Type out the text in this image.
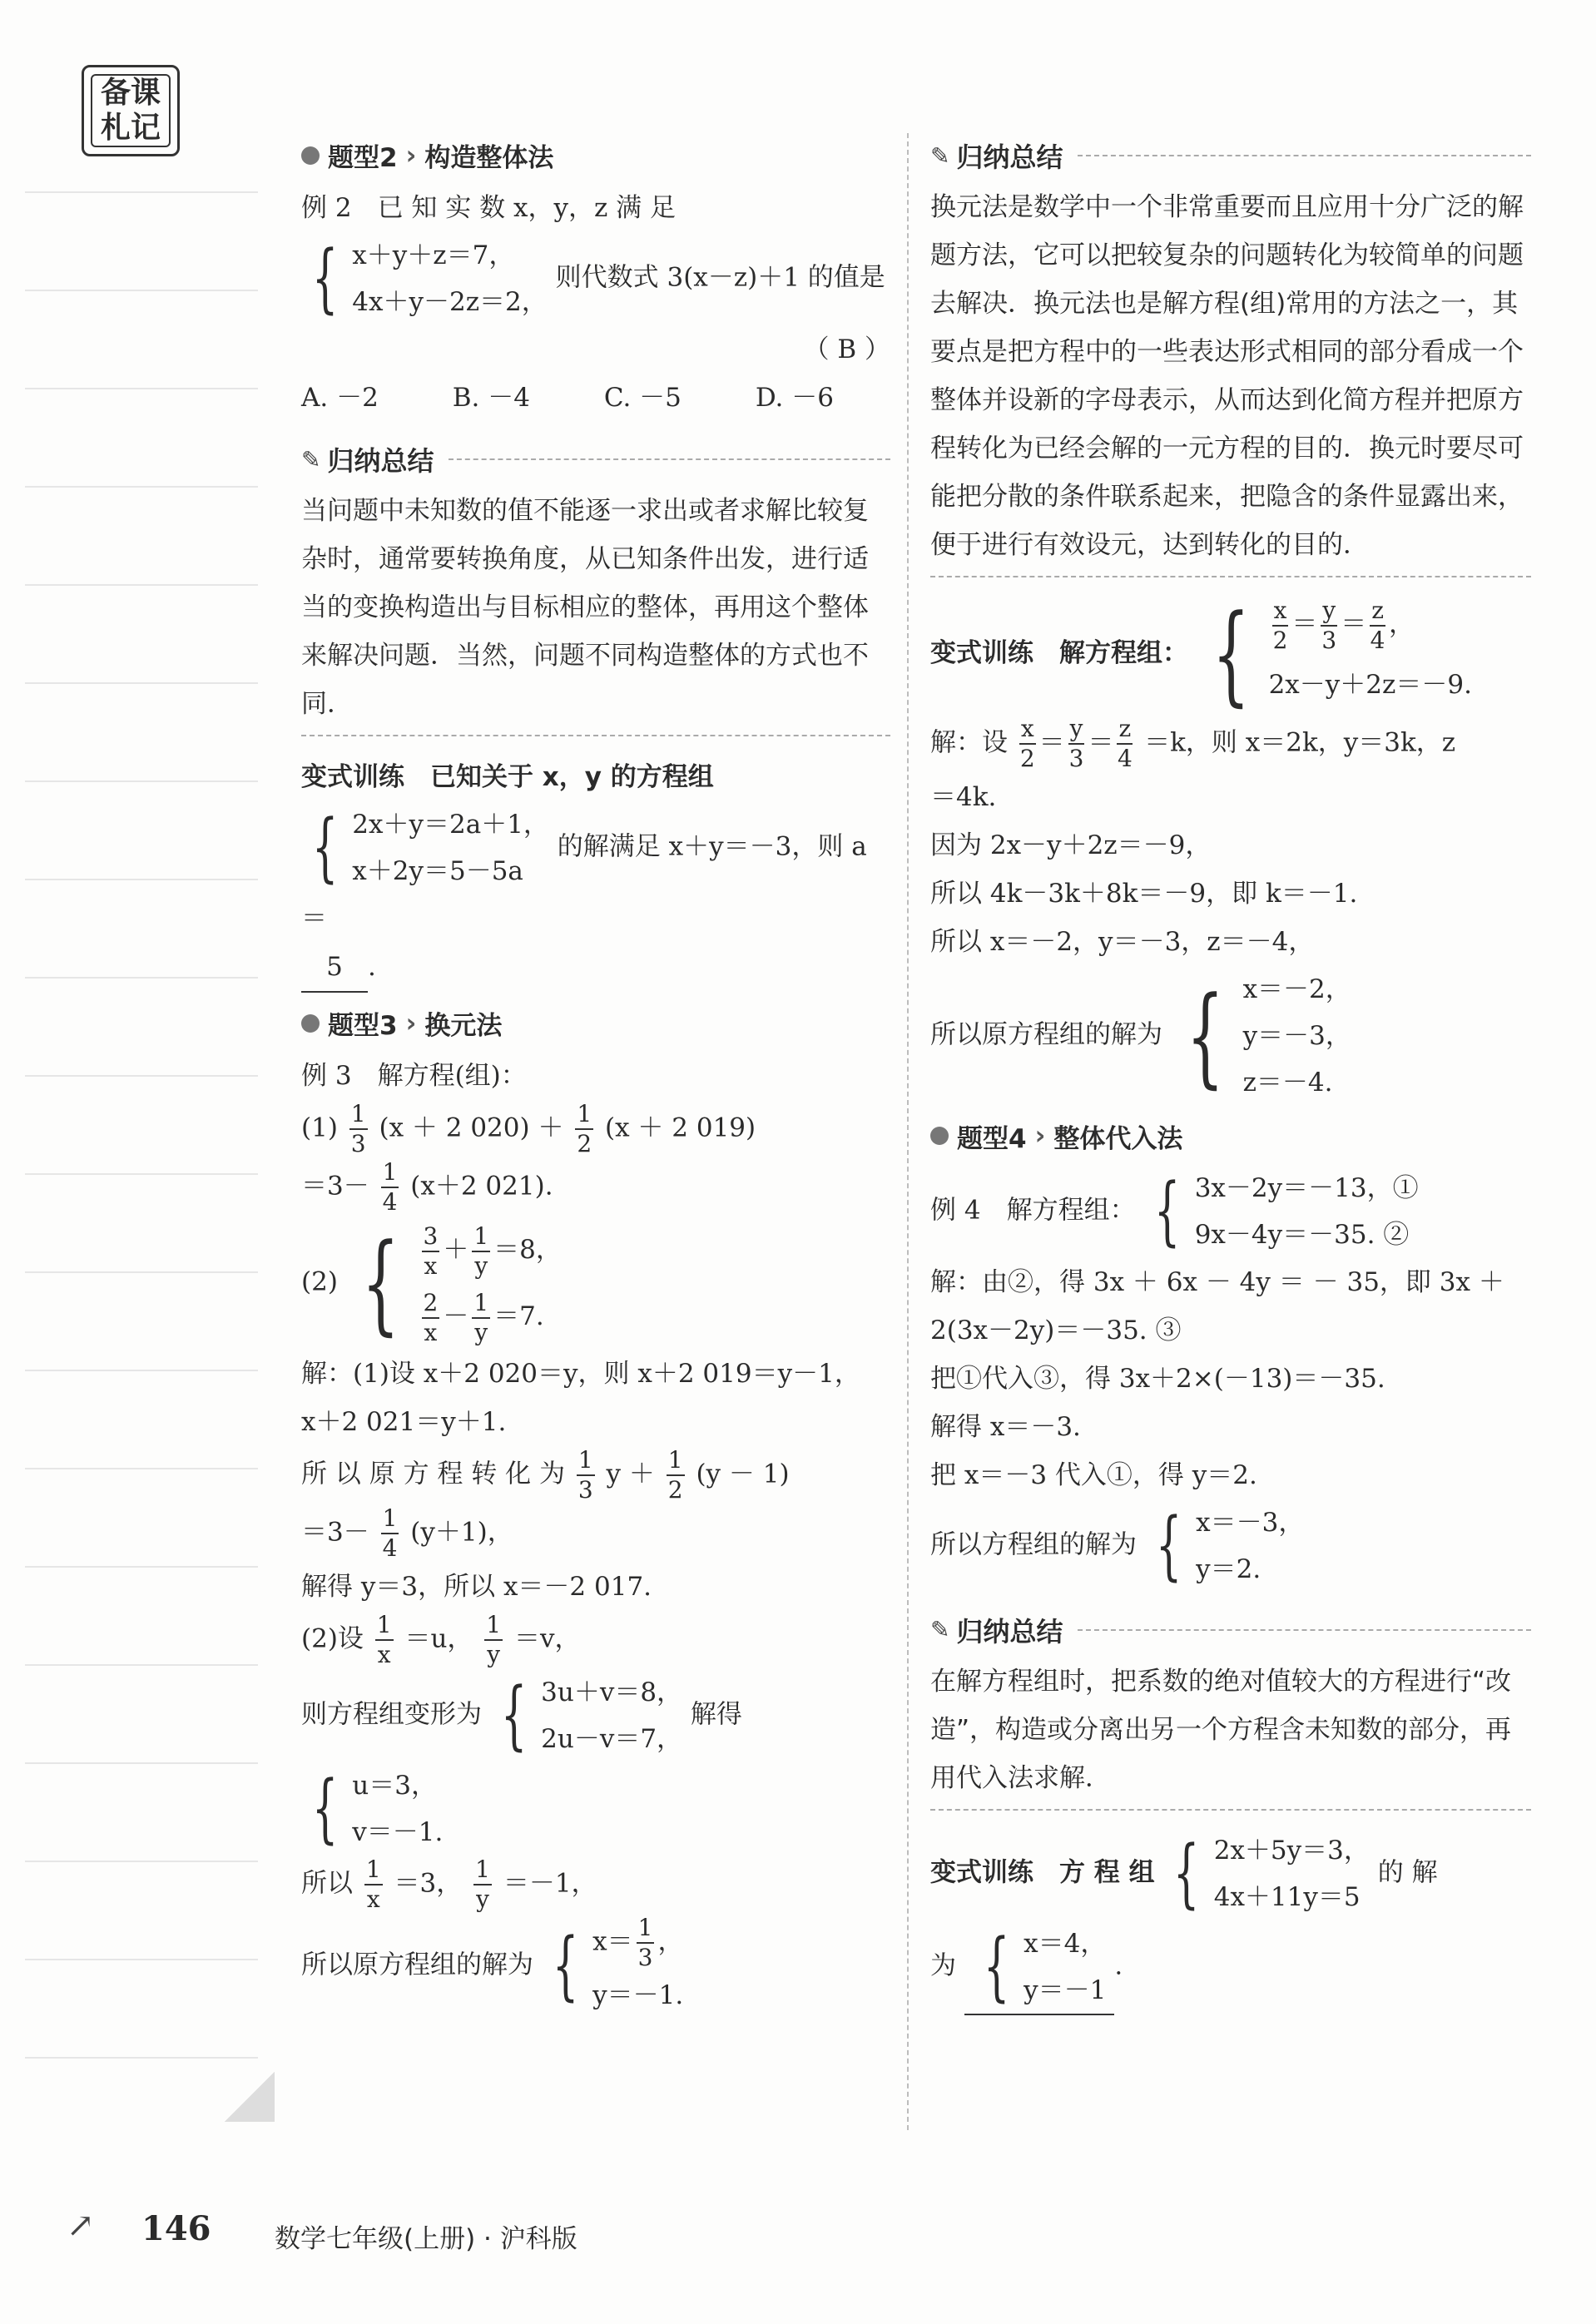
备 课
札 记
题型2 › 构造整体法

例 2　已 知 实 数 x，y，z 满 足

{ x＋y＋z＝7，
4x＋y－2z＝2，
则代数式 3(x－z)＋1 的值是

（ B ）

A. －2	B. －4	C. －5	D. －6
✎ 归纳总结
当问题中未知数的值不能逐一求出或者求解比较复杂时，通常要转换角度，从已知条件出发，进行适当的变换构造出与目标相应的整体，再用这个整体来解决问题．当然，问题不同构造整体的方式也不同．

变式训练　已知关于 x，y 的方程组

{ 2x＋y＝2a＋1，
x＋2y＝5－5a
的解满足 x＋y＝－3，则 a＝

5 .

题型3 › 换元法

例 3　解方程(组)：

$(1) \frac{1}{3} (x + 2$ $020) + \frac{1}{2} (x + 2$ 019)

$=3- \frac{1}{4} (x+2$ 021).

(2) { $\frac{3}{x} + \frac{1}{y} =8$，
$\frac{2}{x} - \frac{1}{y} =7$.

解：(1)设 x＋2 020＝y，则 x＋2 019＝y－1，

x＋2 021＝y＋1.

所 以 原 方 程 转 化 为 $\frac{1}{3}$ $y + \frac{1}{2} (y - 1)$

$=3- \frac{1}{4} (y+1)$，

解得 y＝3，所以 x＝－2 017.

(2)设 $\frac{1}{x} =u$， $\frac{1}{y} =v$，

则方程组变形为 { 3u＋v＝8，
2u－v＝7，
解得
{ u＝3，
v＝－1.

所以 $\frac{1}{x} =3$， $\frac{1}{y} =-1$，

所以原方程组的解为 { $x= \frac{1}{3}$ ，
y＝－1.
✎ 归纳总结
换元法是数学中一个非常重要而且应用十分广泛的解题方法，它可以把较复杂的问题转化为较简单的问题去解决．换元法也是解方程(组)常用的方法之一，其要点是把方程中的一些表达形式相同的部分看成一个整体并设新的字母表示，从而达到化简方程并把原方程转化为已经会解的一元方程的目的．换元时要尽可能把分散的条件联系起来，把隐含的条件显露出来，便于进行有效设元，达到转化的目的．
变式训练　解方程组： { $\frac{x}{2} = \frac{y}{3} = \frac{z}{4}$ ，
2x－y＋2z＝－9.

解：设 $\frac{x}{2} = \frac{y}{3} = \frac{z}{4} =k$，则 x＝2k，y＝3k，z

＝4k.

因为 2x－y＋2z＝－9，

所以 4k－3k＋8k＝－9，即 k＝－1.

所以 x＝－2，y＝－3，z＝－4，

所以原方程组的解为 { x＝－2，
y＝－3，
z＝－4.
题型4 › 整体代入法
例 4　解方程组： { 3x－2y＝－13，①
9x－4y＝－35. ②

解：由②，得 3x ＋ 6x － 4y ＝ － 35，即 3x ＋

2(3x－2y)＝－35. ③

把①代入③，得 3x＋2×(－13)＝－35.

解得 x＝－3.

把 x＝－3 代入①，得 y＝2.

所以方程组的解为 { x＝－3，
y＝2.
✎ 归纳总结
在解方程组时，把系数的绝对值较大的方程进行“改造”，构造或分离出另一个方程含未知数的部分，再用代入法求解．
变式训练　方 程 组 { 2x＋5y＝3，
4x＋11y＝5
的 解
为 { x＝4，
y＝－1
.
↗ 146 数学七年级(上册) · 沪科版
